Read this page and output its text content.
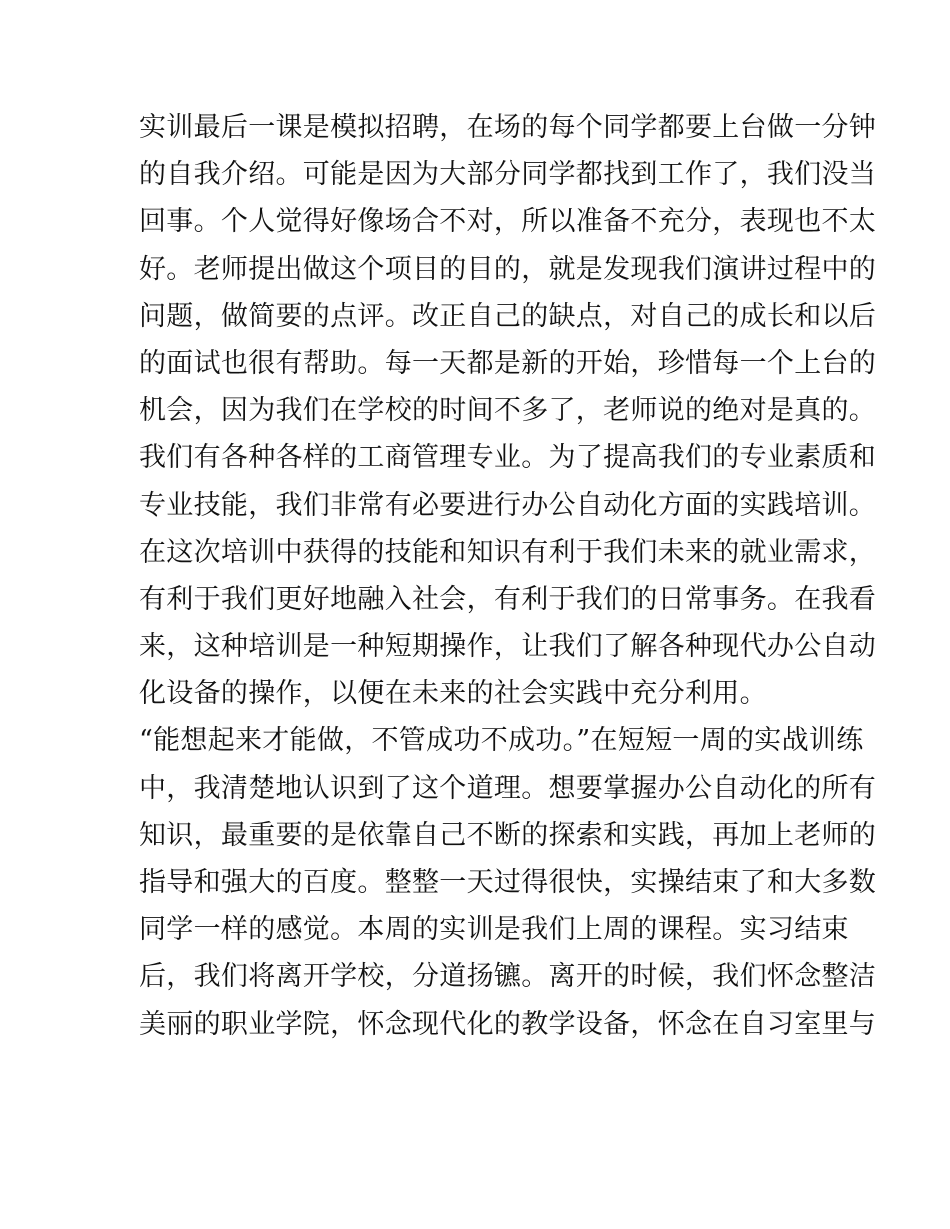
实训最后一课是模拟招聘，在场的每个同学都要上台做一分钟
的自我介绍。可能是因为大部分同学都找到工作了，我们没当
回事。个人觉得好像场合不对，所以准备不充分，表现也不太
好。老师提出做这个项目的目的，就是发现我们演讲过程中的
问题，做简要的点评。改正自己的缺点，对自己的成长和以后
的面试也很有帮助。每一天都是新的开始，珍惜每一个上台的
机会，因为我们在学校的时间不多了，老师说的绝对是真的。
我们有各种各样的工商管理专业。为了提高我们的专业素质和
专业技能，我们非常有必要进行办公自动化方面的实践培训。
在这次培训中获得的技能和知识有利于我们未来的就业需求，
有利于我们更好地融入社会，有利于我们的日常事务。在我看
来，这种培训是一种短期操作，让我们了解各种现代办公自动
化设备的操作，以便在未来的社会实践中充分利用。
“能想起来才能做，不管成功不成功。”在短短一周的实战训练
中，我清楚地认识到了这个道理。想要掌握办公自动化的所有
知识，最重要的是依靠自己不断的探索和实践，再加上老师的
指导和强大的百度。整整一天过得很快，实操结束了和大多数
同学一样的感觉。本周的实训是我们上周的课程。实习结束
后，我们将离开学校，分道扬镳。离开的时候，我们怀念整洁
美丽的职业学院，怀念现代化的教学设备，怀念在自习室里与
